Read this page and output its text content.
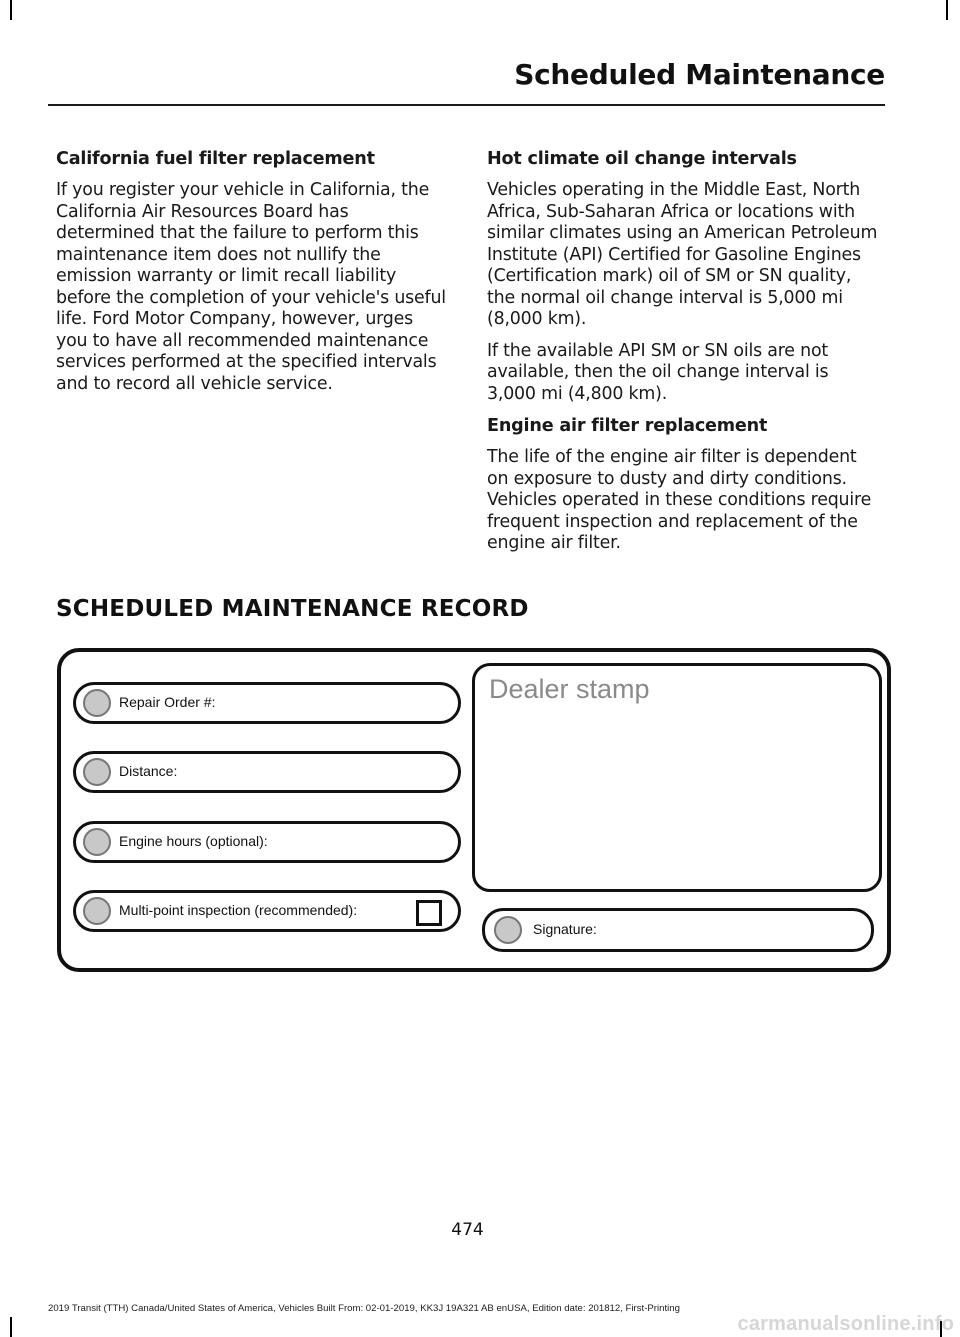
Scheduled Maintenance
California fuel filter replacement

If you register your vehicle in California, the California Air Resources Board has determined that the failure to perform this maintenance item does not nullify the emission warranty or limit recall liability before the completion of your vehicle's useful life. Ford Motor Company, however, urges you to have all recommended maintenance services performed at the specified intervals and to record all vehicle service.

Hot climate oil change intervals

Vehicles operating in the Middle East, North Africa, Sub-Saharan Africa or locations with similar climates using an American Petroleum Institute (API) Certified for Gasoline Engines (Certification mark) oil of SM or SN quality, the normal oil change interval is 5,000 mi (8,000 km).

If the available API SM or SN oils are not available, then the oil change interval is 3,000 mi (4,800 km).

Engine air filter replacement

The life of the engine air filter is dependent on exposure to dusty and dirty conditions. Vehicles operated in these conditions require frequent inspection and replacement of the engine air filter.

SCHEDULED MAINTENANCE RECORD
Repair Order #:
Distance:
Engine hours (optional):
Multi-point inspection (recommended):
Dealer stamp
Signature:
474
2019 Transit (TTH) Canada/United States of America, Vehicles Built From: 02-01-2019, KK3J 19A321 AB enUSA, Edition date: 201812, First-Printing
carmanualsonline.info
